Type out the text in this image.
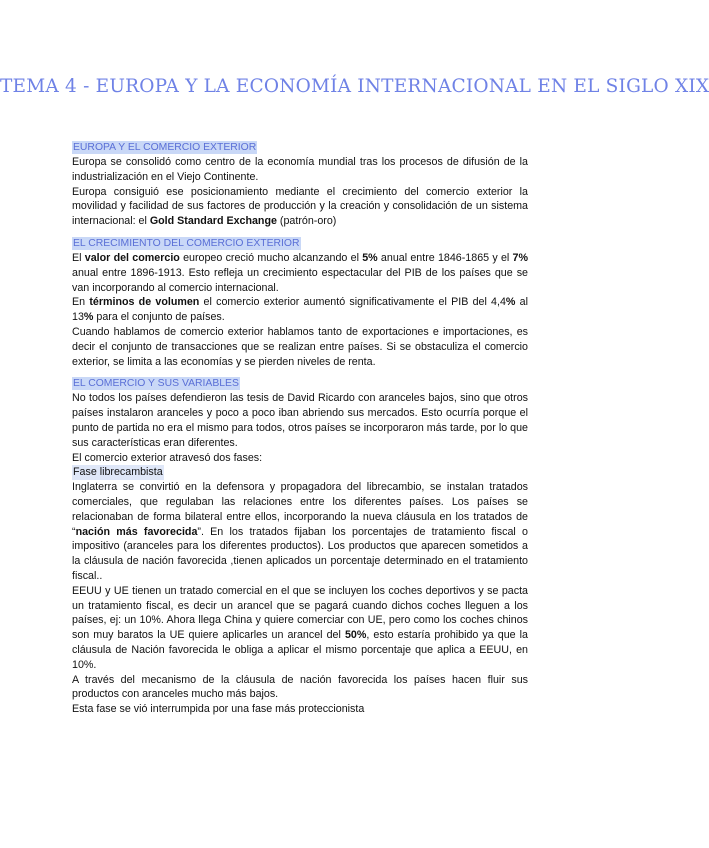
TEMA 4 - EUROPA Y LA ECONOMÍA INTERNACIONAL EN EL SIGLO XIX
EUROPA Y EL COMERCIO EXTERIOR

Europa se consolidó como centro de la economía mundial tras los procesos de difusión de la industrialización en el Viejo Continente.

Europa consiguió ese posicionamiento mediante el crecimiento del comercio exterior la movilidad y facilidad de sus factores de producción y la creación y consolidación de un sistema internacional: el Gold Standard Exchange (patrón-oro)

EL CRECIMIENTO DEL COMERCIO EXTERIOR

El valor del comercio europeo creció mucho alcanzando el 5% anual entre 1846-1865 y el 7% anual entre 1896-1913. Esto refleja un crecimiento espectacular del PIB de los países que se van incorporando al comercio internacional.

En términos de volumen el comercio exterior aumentó significativamente el PIB del 4,4% al 13% para el conjunto de países.

Cuando hablamos de comercio exterior hablamos tanto de exportaciones e importaciones, es decir el conjunto de transacciones que se realizan entre países. Si se obstaculiza el comercio exterior, se limita a las economías y se pierden niveles de renta.

EL COMERCIO Y SUS VARIABLES

No todos los países defendieron las tesis de David Ricardo con aranceles bajos, sino que otros países instalaron aranceles y poco a poco iban abriendo sus mercados. Esto ocurría porque el punto de partida no era el mismo para todos, otros países se incorporaron más tarde, por lo que sus características eran diferentes.

El comercio exterior atravesó dos fases:

Fase librecambista

Inglaterra se convirtió en la defensora y propagadora del librecambio, se instalan tratados comerciales, que regulaban las relaciones entre los diferentes países. Los países se relacionaban de forma bilateral entre ellos, incorporando la nueva cláusula en los tratados de “nación más favorecida”. En los tratados fijaban los porcentajes de tratamiento fiscal o impositivo (aranceles para los diferentes productos). Los productos que aparecen sometidos a la cláusula de nación favorecida ,tienen aplicados un porcentaje determinado en el tratamiento fiscal..

EEUU y UE tienen un tratado comercial en el que se incluyen los coches deportivos y se pacta un tratamiento fiscal, es decir un arancel que se pagará cuando dichos coches lleguen a los países, ej: un 10%. Ahora llega China y quiere comerciar con UE, pero como los coches chinos son muy baratos la UE quiere aplicarles un arancel del 50%, esto estaría prohibido ya que la cláusula de Nación favorecida le obliga a aplicar el mismo porcentaje que aplica a EEUU, en 10%.

A través del mecanismo de la cláusula de nación favorecida los países hacen fluir sus productos con aranceles mucho más bajos.

Esta fase se vió interrumpida por una fase más proteccionista
